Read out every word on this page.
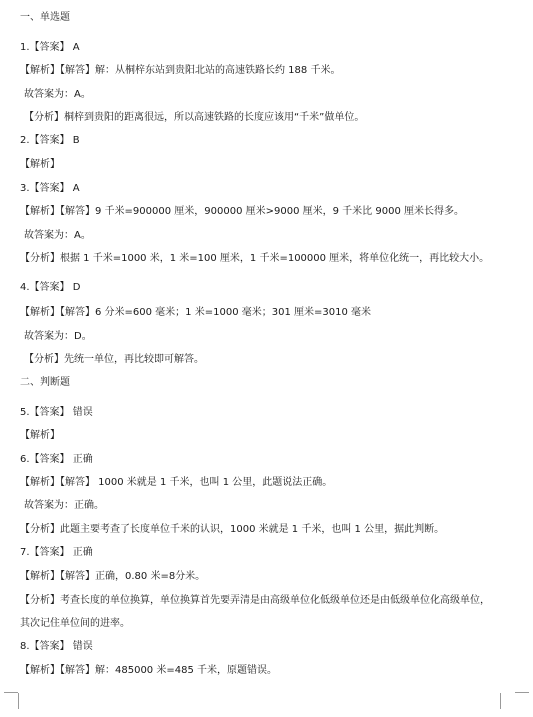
一、单选题
1.【答案】 A
【解析】【解答】解：从桐梓东站到贵阳北站的高速铁路长约 188 千米。
故答案为：A。
【分析】桐梓到贵阳的距离很远，所以高速铁路的长度应该用“千米”做单位。
2.【答案】 B
【解析】
3.【答案】 A
【解析】【解答】9 千米=900000 厘米，900000 厘米>9000 厘米，9 千米比 9000 厘米长得多。
故答案为：A。
【分析】根据 1 千米=1000 米，1 米=100 厘米，1 千米=100000 厘米，将单位化统一，再比较大小。
4.【答案】 D
【解析】【解答】6 分米=600 毫米；1 米=1000 毫米；301 厘米=3010 毫米
故答案为：D。
【分析】先统一单位，再比较即可解答。
二、判断题
5.【答案】 错误
【解析】
6.【答案】 正确
【解析】【解答】 1000 米就是 1 千米，也叫 1 公里，此题说法正确。
故答案为：正确。
【分析】此题主要考查了长度单位千米的认识，1000 米就是 1 千米，也叫 1 公里，据此判断。
7.【答案】 正确
【解析】【解答】正确，0.80 米=8分米。
【分析】考查长度的单位换算，单位换算首先要弄清是由高级单位化低级单位还是由低级单位化高级单位，
其次记住单位间的进率。
8.【答案】 错误
【解析】【解答】解：485000 米=485 千米，原题错误。
